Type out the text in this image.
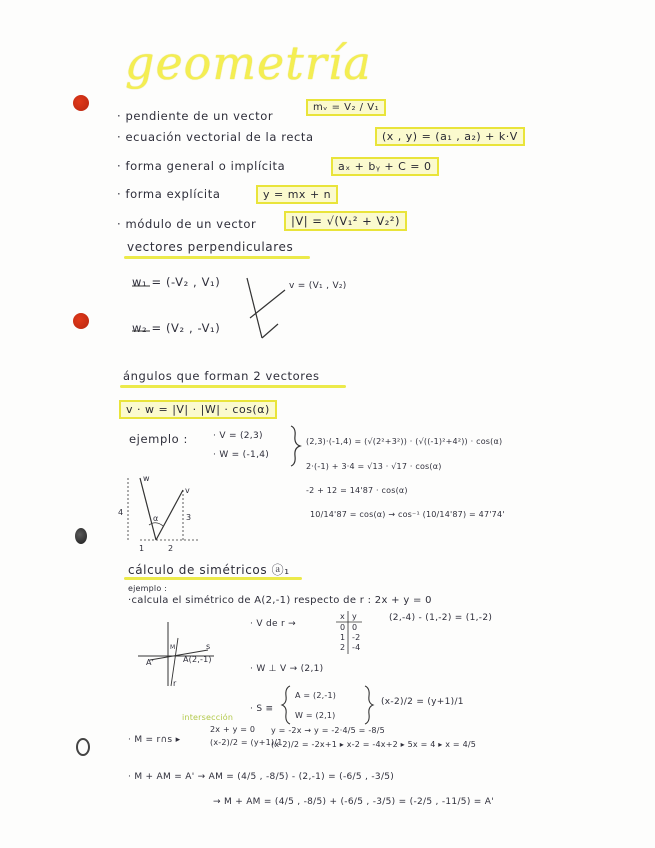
geometría
· pendiente de un vector
mᵥ = V₂ / V₁
· ecuación vectorial de la recta	(x , y) = (a₁ , a₂) + k·V
· forma general o implícita	aₓ + bᵧ + C = 0
· forma explícita	y = mx + n
· módulo de un vector	|V| = √(V₁² + V₂²)
vectores perpendiculares
w₁ = (-V₂ , V₁)
w₂ = (V₂ , -V₁)
v = (V₁ , V₂)
ángulos que forman 2 vectores
v · w = |V| · |W| · cos(α)
ejemplo :	· V = (2,3)
· W = (-1,4)
(2,3)·(-1,4) = (√(2²+3²)) · (√((-1)²+4²)) · cos(α)
2·(-1) + 3·4 = √13 · √17 · cos(α)
-2 + 12 = 14'87 · cos(α)
10/14'87 = cos(α) → cos⁻¹ (10/14'87) = 47'74'
w
v
α
4
3
1	2
cálculo de simétricos ⓐ₁
ejemplo :
·calcula el simétrico de A(2,-1) respecto de r : 2x + y = 0
· V de r →
x y
0 0
1 -2
2 -4
(2,-4) - (1,-2) = (1,-2)
A'	A(2,-1)
r
M	s
· W ⊥ V → (2,1)
· S ≡
A = (2,-1)
W = (2,1)
(x-2)/2 = (y+1)/1
intersección
· M = r∩s ▸
2x + y = 0
(x-2)/2 = (y+1)/1
y = -2x → y = -2·4/5 = -8/5
(x-2)/2 = -2x+1 ▸ x-2 = -4x+2 ▸ 5x = 4 ▸ x = 4/5
· M + AM = A' → AM = (4/5 , -8/5) - (2,-1) = (-6/5 , -3/5)
→ M + AM = (4/5 , -8/5) + (-6/5 , -3/5) = (-2/5 , -11/5) = A'
